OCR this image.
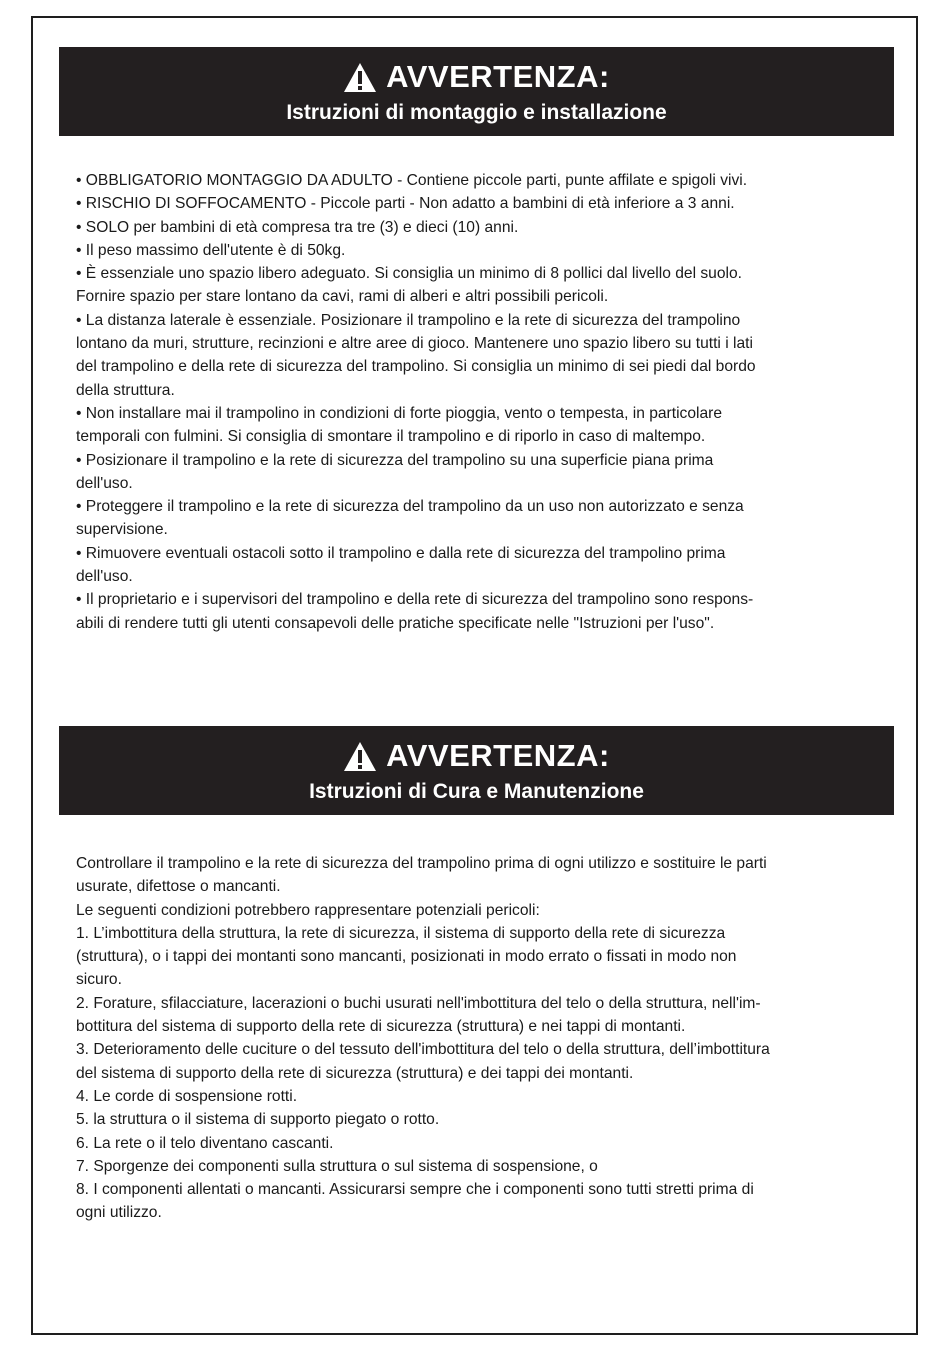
AVVERTENZA:
Istruzioni di montaggio e installazione
• OBBLIGATORIO MONTAGGIO DA ADULTO - Contiene piccole parti, punte affilate e spigoli vivi.
• RISCHIO DI SOFFOCAMENTO - Piccole parti - Non adatto a bambini di età inferiore a 3 anni.
• SOLO per bambini di età compresa tra tre (3) e dieci (10) anni.
• Il peso massimo dell'utente è di 50kg.
• È essenziale uno spazio libero adeguato. Si consiglia un minimo di 8 pollici dal livello del suolo.
Fornire spazio per stare lontano da cavi, rami di alberi e altri possibili pericoli.
• La distanza laterale è essenziale. Posizionare il trampolino e la rete di sicurezza del trampolino
lontano da muri, strutture, recinzioni e altre aree di gioco. Mantenere uno spazio libero su tutti i lati
del trampolino e della rete di sicurezza del trampolino. Si consiglia un minimo di sei piedi dal bordo
della struttura.
• Non installare mai il trampolino in condizioni di forte pioggia, vento o tempesta, in particolare
temporali con fulmini. Si consiglia di smontare il trampolino e di riporlo in caso di maltempo.
• Posizionare il trampolino e la rete di sicurezza del trampolino su una superficie piana prima
dell'uso.
• Proteggere il trampolino e la rete di sicurezza del trampolino da un uso non autorizzato e senza
supervisione.
• Rimuovere eventuali ostacoli sotto il trampolino e dalla rete di sicurezza del trampolino prima
dell'uso.
• Il proprietario e i supervisori del trampolino e della rete di sicurezza del trampolino sono respons-
abili di rendere tutti gli utenti consapevoli delle pratiche specificate nelle "Istruzioni per l'uso".
AVVERTENZA:
Istruzioni di Cura e Manutenzione
Controllare il trampolino e la rete di sicurezza del trampolino prima di ogni utilizzo e sostituire le parti
usurate, difettose o mancanti.
Le seguenti condizioni potrebbero rappresentare potenziali pericoli:
1. L’imbottitura della struttura, la rete di sicurezza, il sistema di supporto della rete di sicurezza
(struttura), o i tappi dei montanti sono mancanti, posizionati in modo errato o fissati in modo non
sicuro.
2. Forature, sfilacciature, lacerazioni o buchi usurati nell'imbottitura del telo o della struttura, nell'im-
bottitura del sistema di supporto della rete di sicurezza (struttura) e nei tappi di montanti.
3. Deterioramento delle cuciture o del tessuto dell'imbottitura del telo o della struttura, dell’imbottitura
del sistema di supporto della rete di sicurezza (struttura) e dei tappi dei montanti.
4. Le corde di sospensione rotti.
5. la struttura o il sistema di supporto piegato o rotto.
6. La rete o il telo diventano cascanti.
7. Sporgenze dei componenti sulla struttura o sul sistema di sospensione, o
8. I componenti allentati o mancanti. Assicurarsi sempre che i componenti sono tutti stretti prima di
ogni utilizzo.
